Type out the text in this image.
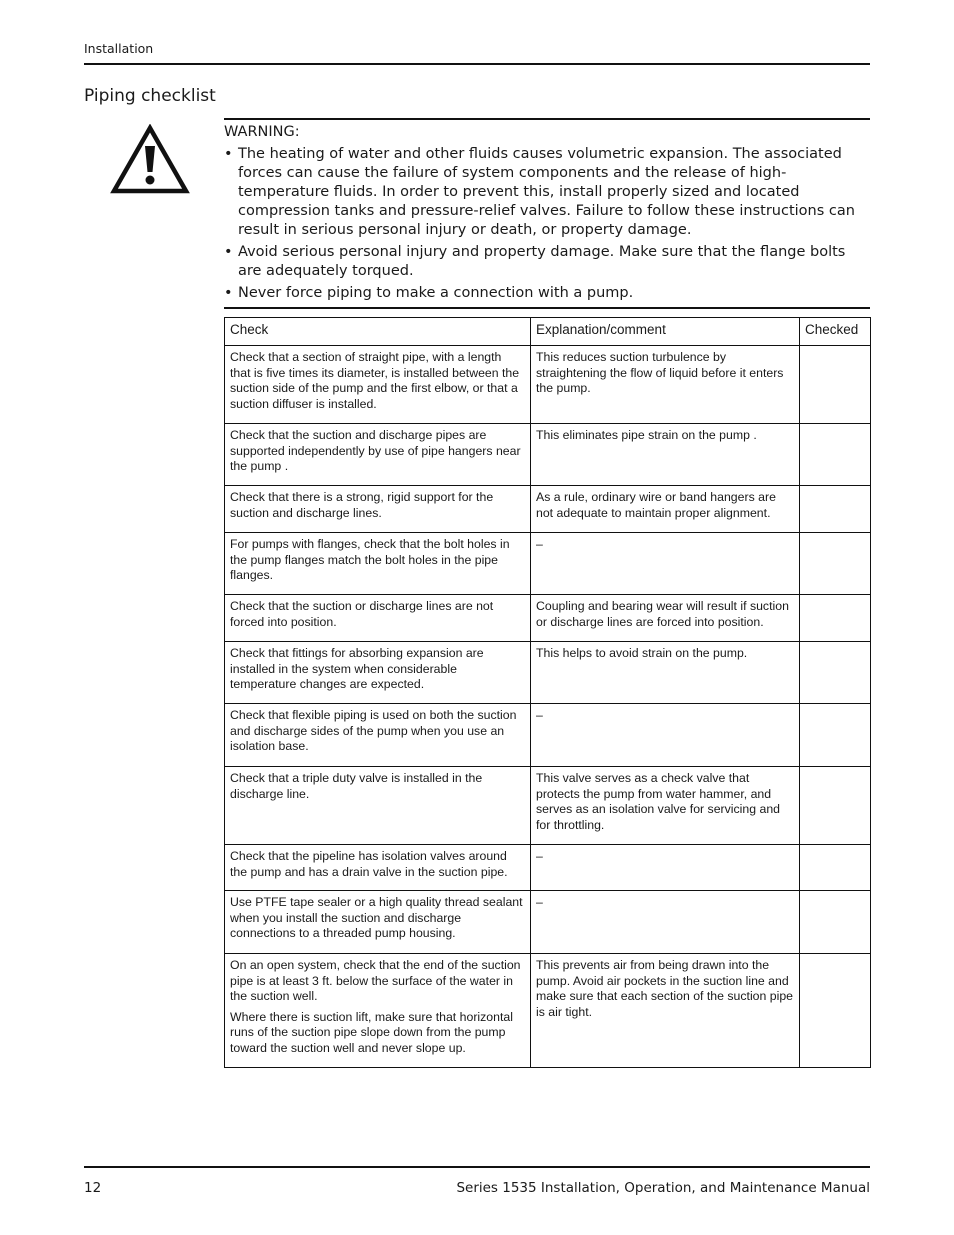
Installation
Piping checklist
WARNING:
• The heating of water and other fluids causes volumetric expansion. The associated forces can cause the failure of system components and the release of high-temperature fluids. In order to prevent this, install properly sized and located compression tanks and pressure-relief valves. Failure to follow these instructions can result in serious personal injury or death, or property damage.
• Avoid serious personal injury and property damage. Make sure that the flange bolts are adequately torqued.
• Never force piping to make a connection with a pump.
Check	Explanation/comment	Checked

Check that a section of straight pipe, with a length that is five times its diameter, is installed between the suction side of the pump and the first elbow, or that a suction diffuser is installed.	This reduces suction turbulence by straightening the flow of liquid before it enters the pump.	

Check that the suction and discharge pipes are supported independently by use of pipe hangers near the pump .	This eliminates pipe strain on the pump .	

Check that there is a strong, rigid support for the suction and discharge lines.	As a rule, ordinary wire or band hangers are not adequate to maintain proper alignment.	

For pumps with flanges, check that the bolt holes in the pump flanges match the bolt holes in the pipe flanges.	–	

Check that the suction or discharge lines are not forced into position.	Coupling and bearing wear will result if suction or discharge lines are forced into position.	

Check that fittings for absorbing expansion are installed in the system when considerable temperature changes are expected.	This helps to avoid strain on the pump.	

Check that flexible piping is used on both the suction and discharge sides of the pump when you use an isolation base.	–	

Check that a triple duty valve is installed in the discharge line.	This valve serves as a check valve that protects the pump from water hammer, and serves as an isolation valve for servicing and for throttling.	

Check that the pipeline has isolation valves around the pump and has a drain valve in the suction pipe.	–	

Use PTFE tape sealer or a high quality thread sealant when you install the suction and discharge connections to a threaded pump housing.	–	

On an open system, check that the end of the suction pipe is at least 3 ft. below the surface of the water in the suction well.
Where there is suction lift, make sure that horizontal runs of the suction pipe slope down from the pump toward the suction well and never slope up.	This prevents air from being drawn into the pump. Avoid air pockets in the suction line and make sure that each section of the suction pipe is air tight.	
12	Series 1535 Installation, Operation, and Maintenance Manual
